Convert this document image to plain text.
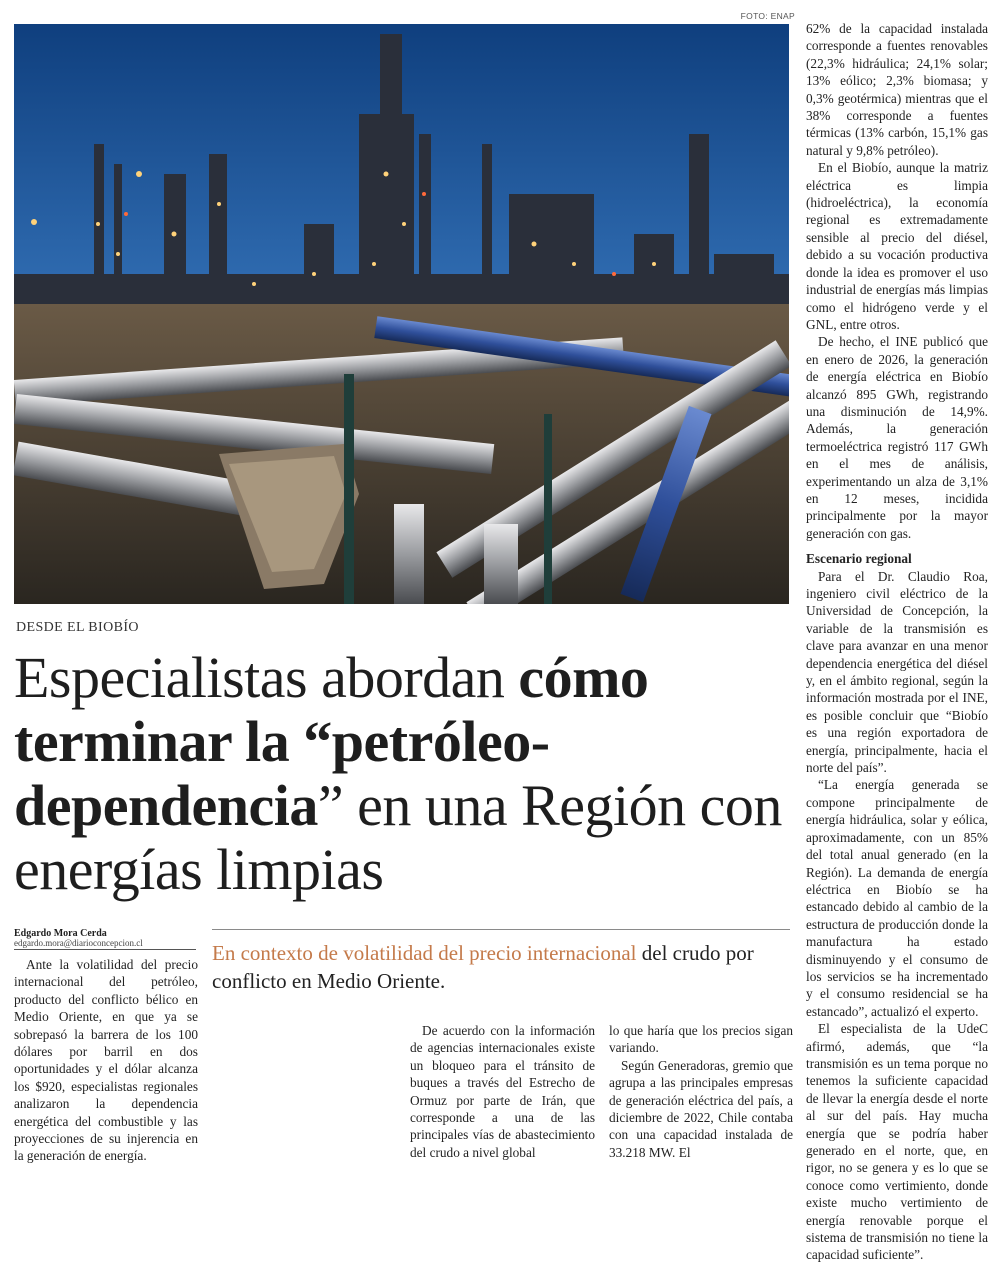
FOTO: ENAP
DESDE EL BIOBÍO
Especialistas abordan cómo terminar la “petróleo-dependencia” en una Región con energías limpias
Edgardo Mora Cerda
edgardo.mora@diarioconcepcion.cl	En contexto de volatilidad del precio internacional del crudo por conflicto en Medio Oriente.

Ante la volatilidad del precio internacional del petróleo, producto del conflicto bélico en Medio Oriente, en que ya se sobrepasó la barrera de los 100 dólares por barril en dos oportunidades y el dólar alcanza los $920, especialistas regionales analizaron la dependencia energética del combustible y las proyecciones de su injerencia en la generación de energía.

De acuerdo con la información de agencias internacionales existe un bloqueo para el tránsito de buques a través del Estrecho de Ormuz por parte de Irán, que corresponde a una de las principales vías de abastecimiento del crudo a nivel global

lo que haría que los precios sigan variando.

Según Generadoras, gremio que agrupa a las principales empresas de generación eléctrica del país, a diciembre de 2022, Chile contaba con una capacidad instalada de 33.218 MW. El

62% de la capacidad instalada corresponde a fuentes renovables (22,3% hidráulica; 24,1% solar; 13% eólico; 2,3% biomasa; y 0,3% geotérmica) mientras que el 38% corresponde a fuentes térmicas (13% carbón, 15,1% gas natural y 9,8% petróleo).

En el Biobío, aunque la matriz eléctrica es limpia (hidroeléctrica), la economía regional es extremadamente sensible al precio del diésel, debido a su vocación productiva donde la idea es promover el uso industrial de energías más limpias como el hidrógeno verde y el GNL, entre otros.

De hecho, el INE publicó que en enero de 2026, la generación de energía eléctrica en Biobío alcanzó 895 GWh, registrando una disminución de 14,9%. Además, la generación termoeléctrica registró 117 GWh en el mes de análisis, experimentando un alza de 3,1% en 12 meses, incidida principalmente por la mayor generación con gas.

Escenario regional

Para el Dr. Claudio Roa, ingeniero civil eléctrico de la Universidad de Concepción, la variable de la transmisión es clave para avanzar en una menor dependencia energética del diésel y, en el ámbito regional, según la información mostrada por el INE, es posible concluir que “Biobío es una región exportadora de energía, principalmente, hacia el norte del país”.

“La energía generada se compone principalmente de energía hidráulica, solar y eólica, aproximadamente, con un 85% del total anual generado (en la Región). La demanda de energía eléctrica en Biobío se ha estancado debido al cambio de la estructura de producción donde la manufactura ha estado disminuyendo y el consumo de los servicios se ha incrementado y el consumo residencial se ha estancado”, actualizó el experto.

El especialista de la UdeC afirmó, además, que “la transmisión es un tema porque no tenemos la suficiente capacidad de llevar la energía desde el norte al sur del país. Hay mucha energía que se podría haber generado en el norte, que, en rigor, no se genera y es lo que se conoce como vertimiento, donde existe mucho vertimiento de energía renovable porque el sistema de transmisión no tiene la capacidad suficiente”.
